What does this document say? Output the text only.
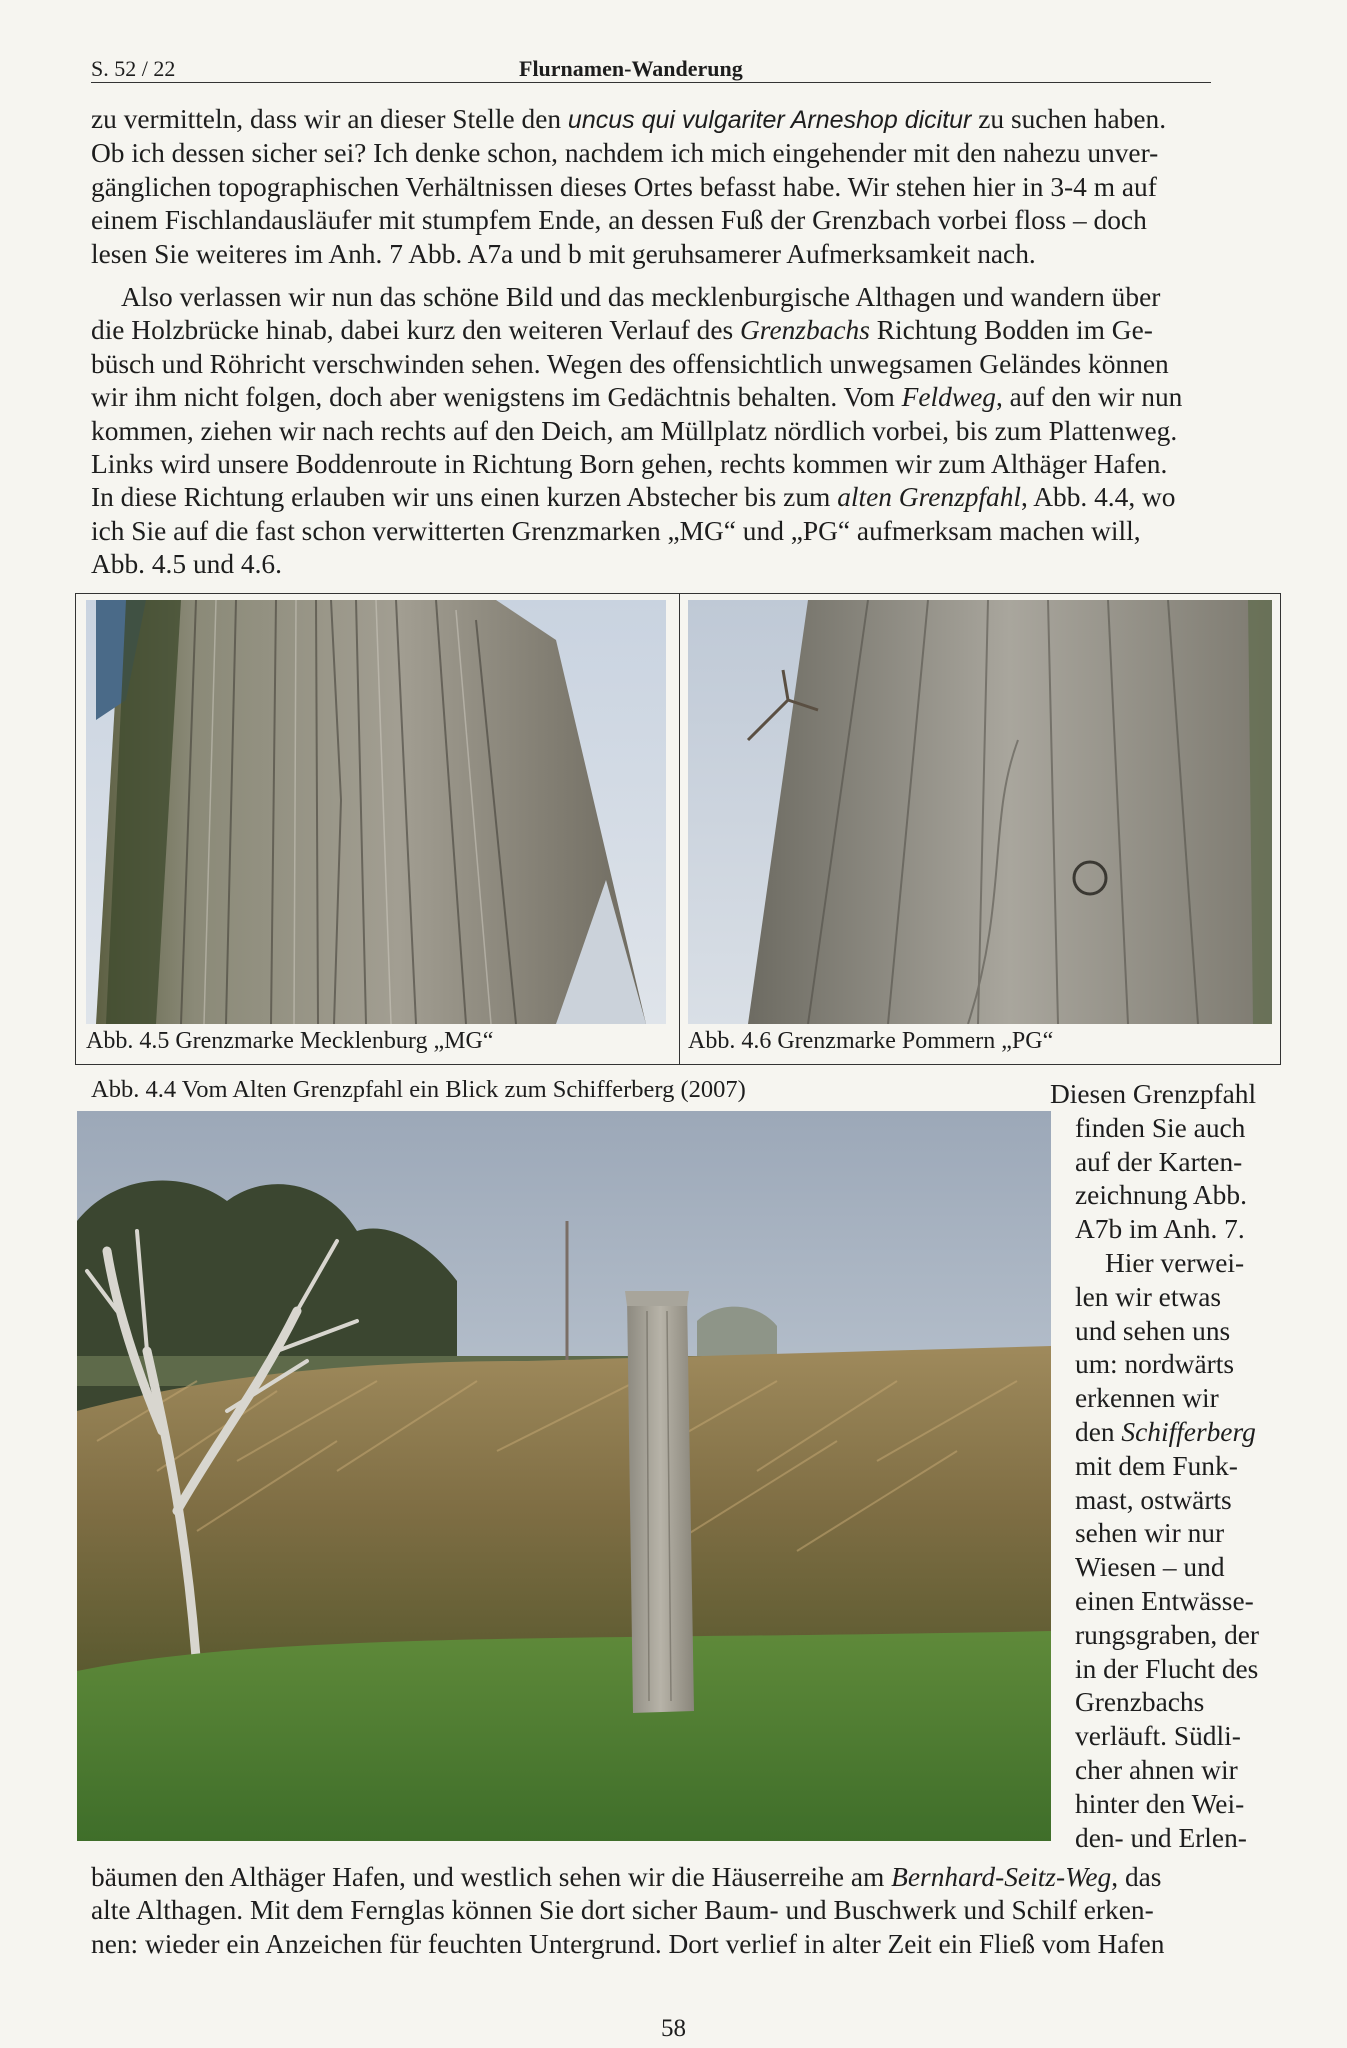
S. 52 / 22	Flurnamen-Wanderung
zu vermitteln, dass wir an dieser Stelle den uncus qui vulgariter Arneshop dicitur zu suchen haben.
Ob ich dessen sicher sei? Ich denke schon, nachdem ich mich eingehender mit den nahezu unver-
gänglichen topographischen Verhältnissen dieses Ortes befasst habe. Wir stehen hier in 3-4 m auf
einem Fischlandausläufer mit stumpfem Ende, an dessen Fuß der Grenzbach vorbei floss – doch
lesen Sie weiteres im Anh. 7 Abb. A7a und b mit geruhsamerer Aufmerksamkeit nach.
Also verlassen wir nun das schöne Bild und das mecklenburgische Althagen und wandern über
die Holzbrücke hinab, dabei kurz den weiteren Verlauf des Grenzbachs Richtung Bodden im Ge-
büsch und Röhricht verschwinden sehen. Wegen des offensichtlich unwegsamen Geländes können
wir ihm nicht folgen, doch aber wenigstens im Gedächtnis behalten. Vom Feldweg, auf den wir nun
kommen, ziehen wir nach rechts auf den Deich, am Müllplatz nördlich vorbei, bis zum Plattenweg.
Links wird unsere Boddenroute in Richtung Born gehen, rechts kommen wir zum Althäger Hafen.
In diese Richtung erlauben wir uns einen kurzen Abstecher bis zum alten Grenzpfahl, Abb. 4.4, wo
ich Sie auf die fast schon verwitterten Grenzmarken „MG“ und „PG“ aufmerksam machen will,
Abb. 4.5 und 4.6.
Abb. 4.5 Grenzmarke Mecklenburg „MG“	Abb. 4.6 Grenzmarke Pommern „PG“
Abb. 4.4 Vom Alten Grenzpfahl ein Blick zum Schifferberg (2007)	Diesen Grenzpfahl
finden Sie auch
auf der Karten-
zeichnung Abb.
A7b im Anh. 7.
Hier verwei-
len wir etwas
und sehen uns
um: nordwärts
erkennen wir
den Schifferberg
mit dem Funk-
mast, ostwärts
sehen wir nur
Wiesen – und
einen Entwässe-
rungsgraben, der
in der Flucht des
Grenzbachs
verläuft. Südli-
cher ahnen wir
hinter den Wei-
den- und Erlen-
bäumen den Althäger Hafen, und westlich sehen wir die Häuserreihe am Bernhard-Seitz-Weg, das
alte Althagen. Mit dem Fernglas können Sie dort sicher Baum- und Buschwerk und Schilf erken-
nen: wieder ein Anzeichen für feuchten Untergrund. Dort verlief in alter Zeit ein Fließ vom Hafen
58
